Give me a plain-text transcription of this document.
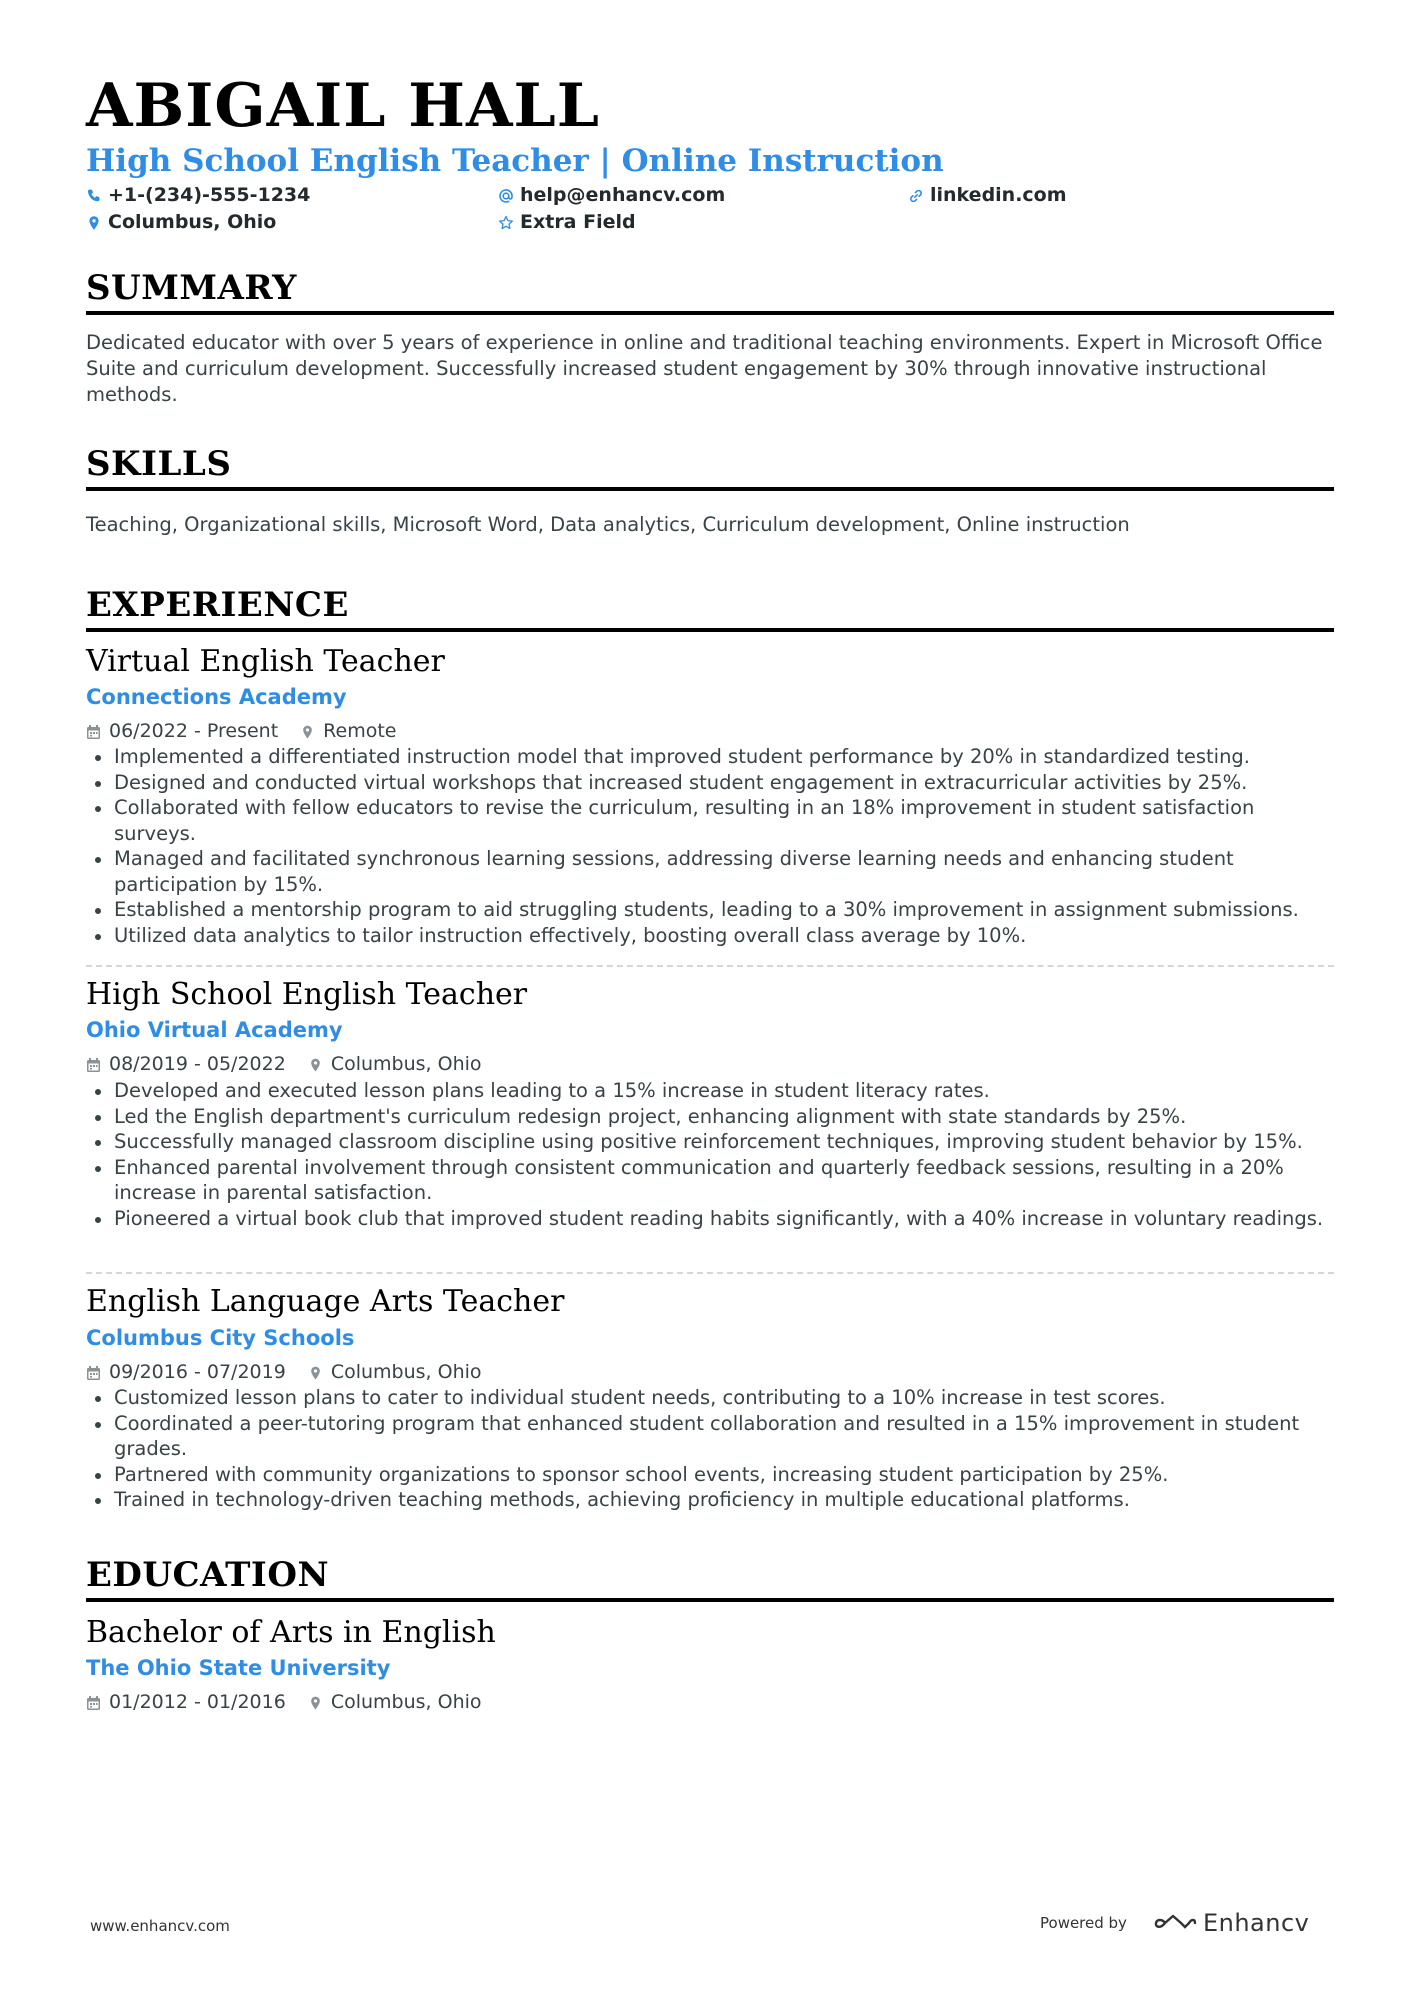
ABIGAIL HALL
High School English Teacher | Online Instruction
+1-(234)-555-1234	help@enhancv.com	linkedin.com
Columbus, Ohio	Extra Field
SUMMARY
Dedicated educator with over 5 years of experience in online and traditional teaching environments. Expert in Microsoft Office Suite and curriculum development. Successfully increased student engagement by 30% through innovative instructional methods.
SKILLS
Teaching, Organizational skills, Microsoft Word, Data analytics, Curriculum development, Online instruction
EXPERIENCE
Virtual English Teacher
Connections Academy
06/2022 - Present Remote
Implemented a differentiated instruction model that improved student performance by 20% in standardized testing.
Designed and conducted virtual workshops that increased student engagement in extracurricular activities by 25%.
Collaborated with fellow educators to revise the curriculum, resulting in an 18% improvement in student satisfaction surveys.
Managed and facilitated synchronous learning sessions, addressing diverse learning needs and enhancing student participation by 15%.
Established a mentorship program to aid struggling students, leading to a 30% improvement in assignment submissions.
Utilized data analytics to tailor instruction effectively, boosting overall class average by 10%.
High School English Teacher
Ohio Virtual Academy
08/2019 - 05/2022 Columbus, Ohio
Developed and executed lesson plans leading to a 15% increase in student literacy rates.
Led the English department's curriculum redesign project, enhancing alignment with state standards by 25%.
Successfully managed classroom discipline using positive reinforcement techniques, improving student behavior by 15%.
Enhanced parental involvement through consistent communication and quarterly feedback sessions, resulting in a 20% increase in parental satisfaction.
Pioneered a virtual book club that improved student reading habits significantly, with a 40% increase in voluntary readings.
English Language Arts Teacher
Columbus City Schools
09/2016 - 07/2019 Columbus, Ohio
Customized lesson plans to cater to individual student needs, contributing to a 10% increase in test scores.
Coordinated a peer-tutoring program that enhanced student collaboration and resulted in a 15% improvement in student grades.
Partnered with community organizations to sponsor school events, increasing student participation by 25%.
Trained in technology-driven teaching methods, achieving proficiency in multiple educational platforms.
EDUCATION
Bachelor of Arts in English
The Ohio State University
01/2012 - 01/2016 Columbus, Ohio
www.enhancv.com	Powered by	Enhancv
